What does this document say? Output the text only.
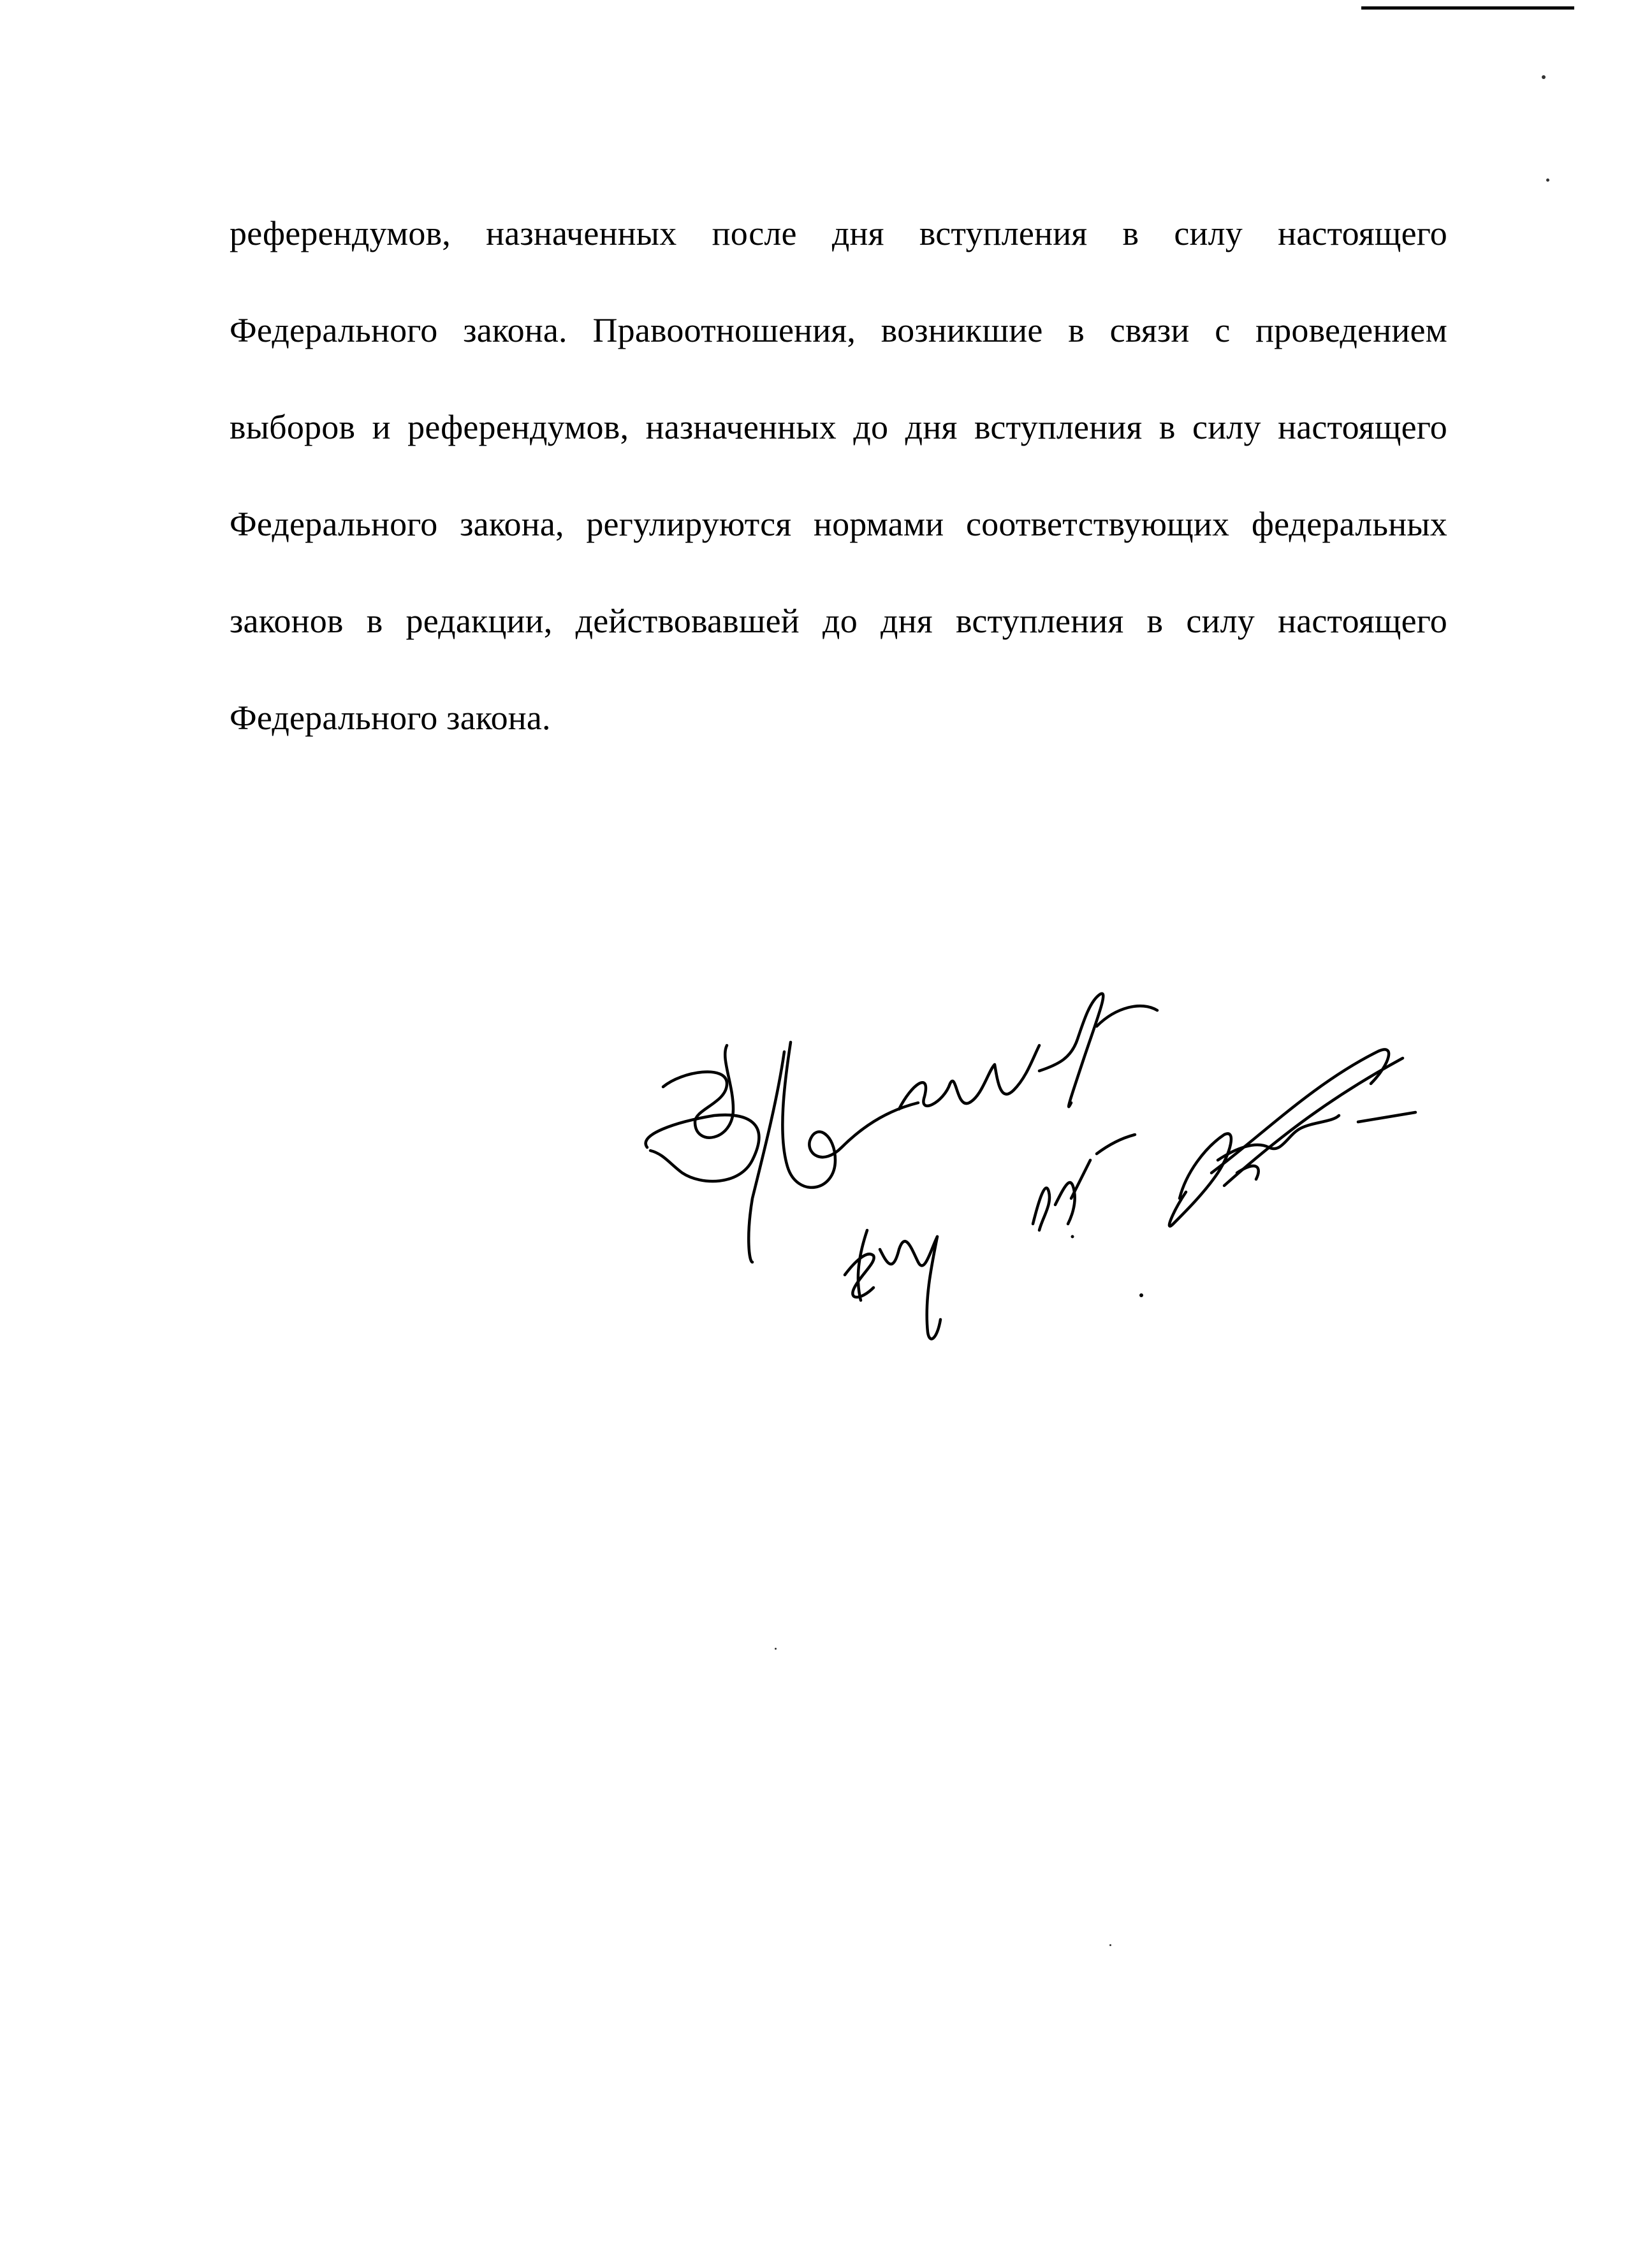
референдумов, назначенных после дня вступления в силу настоящего Федерального закона. Правоотношения, возникшие в связи с проведением выборов и референдумов, назначенных до дня вступления в силу настоящего Федерального закона, регулируются нормами соответствующих федеральных законов в редакции, действовавшей до дня вступления в силу настоящего Федерального закона.
